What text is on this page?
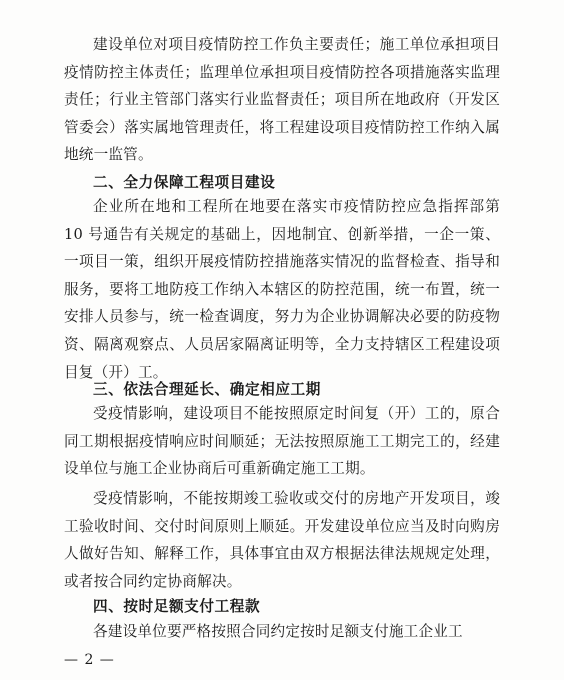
建设单位对项目疫情防控工作负主要责任；施工单位承担项目疫情防控主体责任；监理单位承担项目疫情防控各项措施落实监理责任；行业主管部门落实行业监督责任；项目所在地政府（开发区管委会）落实属地管理责任，将工程建设项目疫情防控工作纳入属地统一监管。

二、全力保障工程项目建设

企业所在地和工程所在地要在落实市疫情防控应急指挥部第 10 号通告有关规定的基础上，因地制宜、创新举措，一企一策、一项目一策，组织开展疫情防控措施落实情况的监督检查、指导和服务，要将工地防疫工作纳入本辖区的防控范围，统一布置，统一安排人员参与，统一检查调度，努力为企业协调解决必要的防疫物资、隔离观察点、人员居家隔离证明等，全力支持辖区工程建设项目复（开）工。

三、依法合理延长、确定相应工期

受疫情影响，建设项目不能按照原定时间复（开）工的，原合同工期根据疫情响应时间顺延；无法按照原施工工期完工的，经建设单位与施工企业协商后可重新确定施工工期。

受疫情影响，不能按期竣工验收或交付的房地产开发项目，竣工验收时间、交付时间原则上顺延。开发建设单位应当及时向购房人做好告知、解释工作，具体事宜由双方根据法律法规规定处理，或者按合同约定协商解决。

四、按时足额支付工程款

各建设单位要严格按照合同约定按时足额支付施工企业工

— 2 —
